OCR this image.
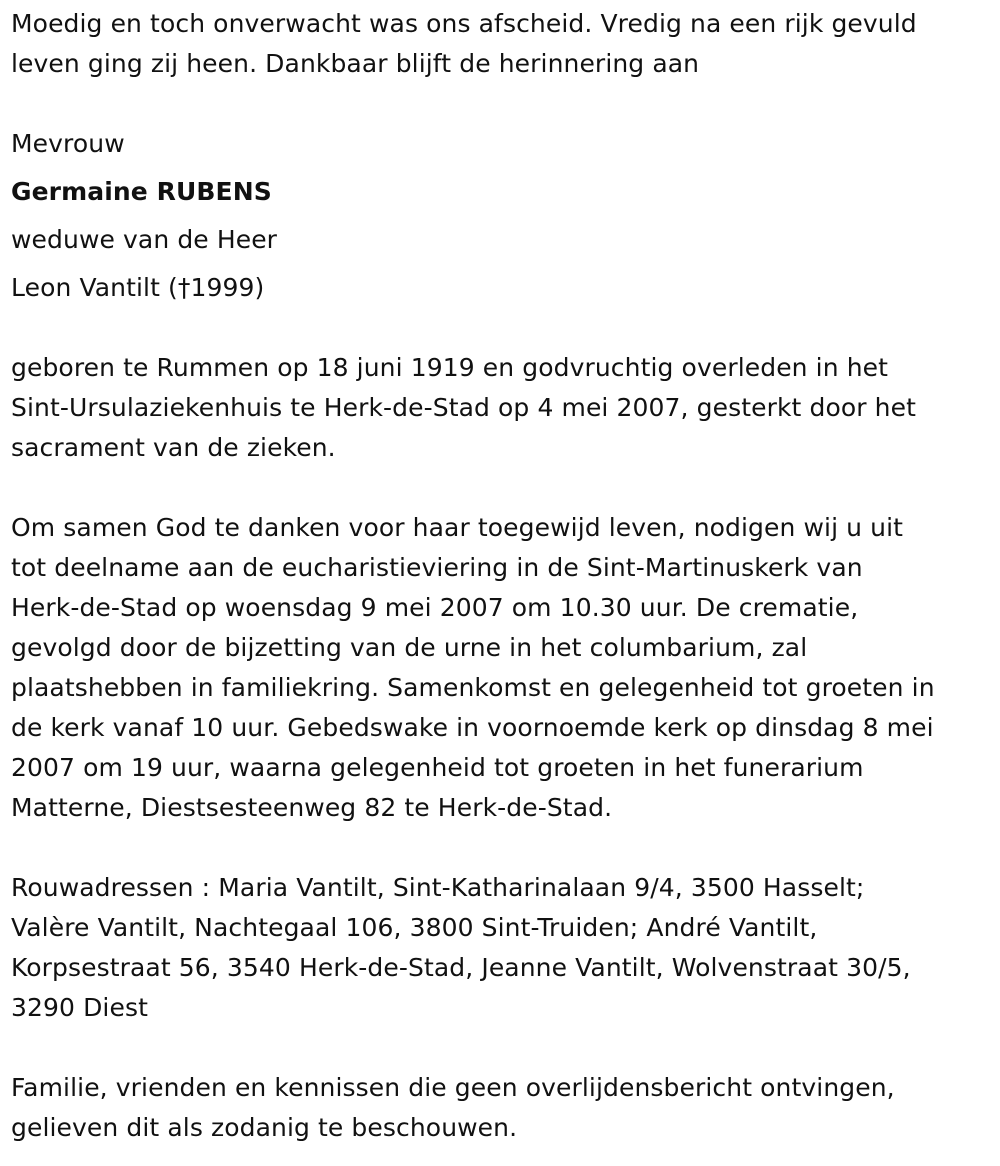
Moedig en toch onverwacht was ons afscheid. Vredig na een rijk gevuld
leven ging zij heen. Dankbaar blijft de herinnering aan
Mevrouw
Germaine RUBENS
weduwe van de Heer
Leon Vantilt (†1999)
geboren te Rummen op 18 juni 1919 en godvruchtig overleden in het
Sint-Ursulaziekenhuis te Herk-de-Stad op 4 mei 2007, gesterkt door het
sacrament van de zieken.
Om samen God te danken voor haar toegewijd leven, nodigen wij u uit
tot deelname aan de eucharistieviering in de Sint-Martinuskerk van
Herk-de-Stad op woensdag 9 mei 2007 om 10.30 uur. De crematie,
gevolgd door de bijzetting van de urne in het columbarium, zal
plaatshebben in familiekring. Samenkomst en gelegenheid tot groeten in
de kerk vanaf 10 uur. Gebedswake in voornoemde kerk op dinsdag 8 mei
2007 om 19 uur, waarna gelegenheid tot groeten in het funerarium
Matterne, Diestsesteenweg 82 te Herk-de-Stad.
Rouwadressen : Maria Vantilt, Sint-Katharinalaan 9/4, 3500 Hasselt;
Valère Vantilt, Nachtegaal 106, 3800 Sint-Truiden; André Vantilt,
Korpsestraat 56, 3540 Herk-de-Stad, Jeanne Vantilt, Wolvenstraat 30/5,
3290 Diest
Familie, vrienden en kennissen die geen overlijdensbericht ontvingen,
gelieven dit als zodanig te beschouwen.
